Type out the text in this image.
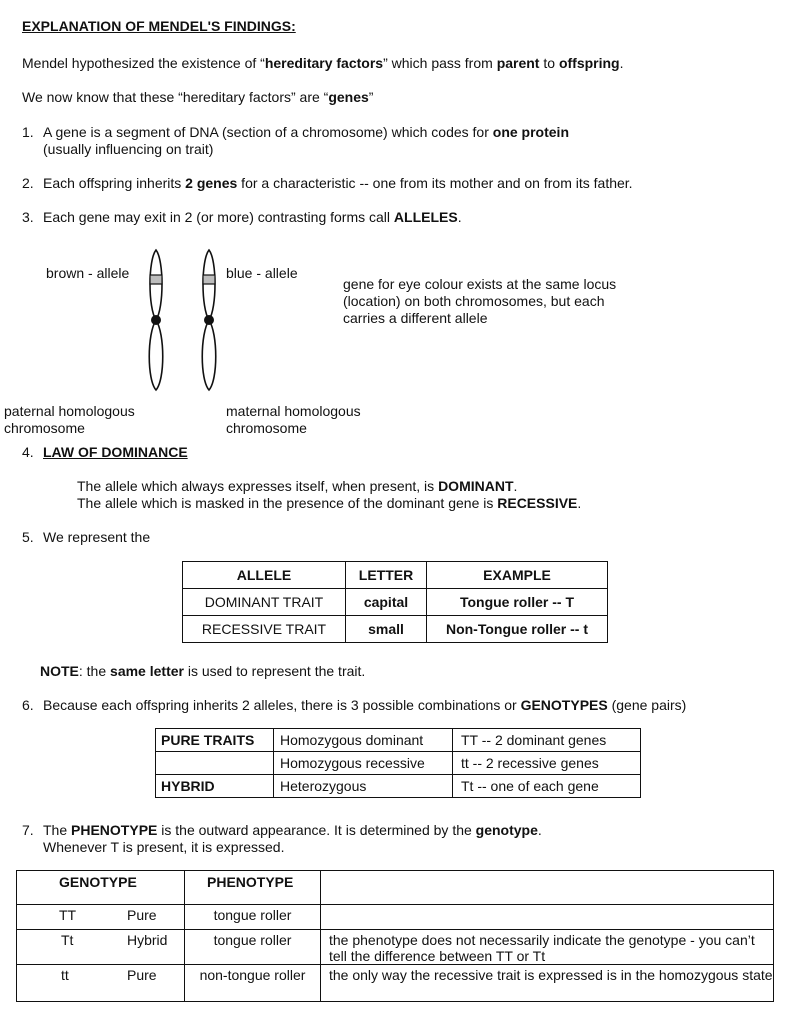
EXPLANATION OF MENDEL'S FINDINGS:
Mendel hypothesized the existence of “hereditary factors” which pass from parent to offspring.
We now know that these “hereditary factors” are “genes”
1. A gene is a segment of DNA (section of a chromosome) which codes for one protein
(usually influencing on trait)
2. Each offspring inherits 2 genes for a characteristic -- one from its mother and on from its father.
3. Each gene may exit in 2 (or more) contrasting forms call ALLELES.
brown - allele	blue - allele
gene for eye colour exists at the same locus
(location) on both chromosomes, but each
carries a different allele
paternal homologous
chromosome
maternal homologous
chromosome
4. LAW OF DOMINANCE
The allele which always expresses itself, when present, is DOMINANT.
The allele which is masked in the presence of the dominant gene is RECESSIVE.
5. We represent the
ALLELE	LETTER	EXAMPLE
DOMINANT TRAIT	capital	Tongue roller -- T
RECESSIVE TRAIT	small	Non-Tongue roller -- t
NOTE: the same letter is used to represent the trait.
6. Because each offspring inherits 2 alleles, there is 3 possible combinations or GENOTYPES (gene pairs)
PURE TRAITS	Homozygous dominant	TT -- 2 dominant genes
	Homozygous recessive	tt -- 2 recessive genes
HYBRID	Heterozygous	Tt -- one of each gene
7. The PHENOTYPE is the outward appearance. It is determined by the genotype.
Whenever T is present, it is expressed.
GENOTYPE	PHENOTYPE	
TT Pure	tongue roller	
Tt Hybrid	tongue roller	the phenotype does not necessarily indicate the genotype - you can’t tell the difference between TT or Tt
tt Pure	non-tongue roller	the only way the recessive trait is expressed is in the homozygous state
